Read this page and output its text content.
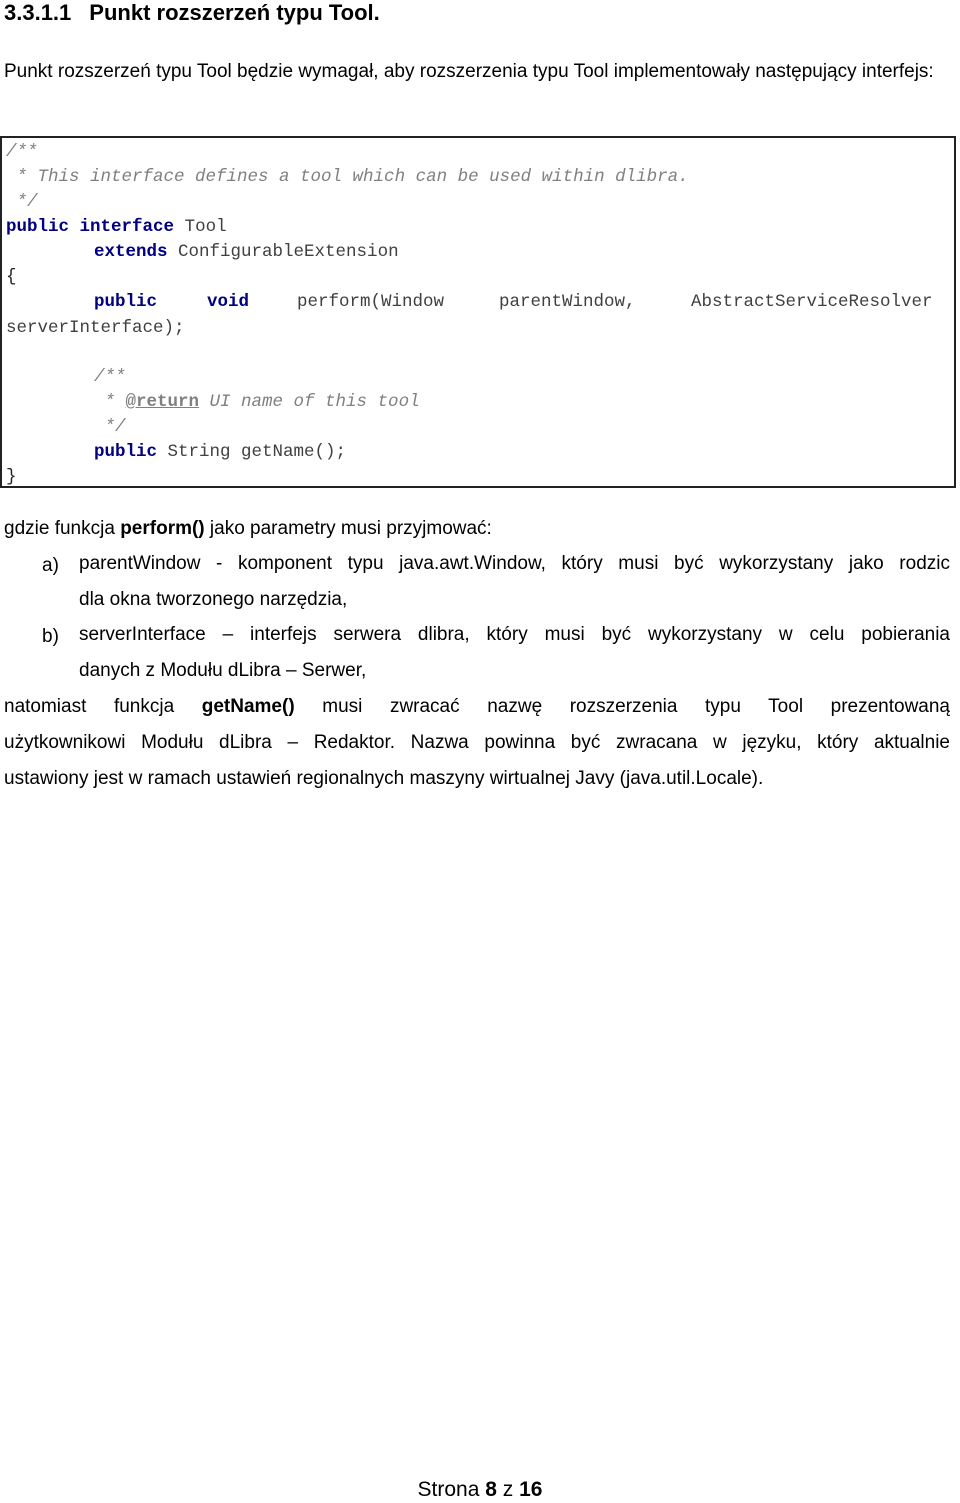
3.3.1.1 Punkt rozszerzeń typu Tool.
Punkt rozszerzeń typu Tool będzie wymagał, aby rozszerzenia typu Tool implementowały następujący interfejs:
/**
* This interface defines a tool which can be used within dlibra.
*/
public interface Tool
extends ConfigurableExtension
{
public	void	perform(Window	parentWindow,	AbstractServiceResolver
serverInterface);
/**
* @return UI name of this tool
*/
public String getName();
}
gdzie funkcja perform() jako parametry musi przyjmować:
a) parentWindow - komponent typu java.awt.Window, który musi być wykorzystany jako rodzic
dla okna tworzonego narzędzia,
b) serverInterface – interfejs serwera dlibra, który musi być wykorzystany w celu pobierania
danych z Modułu dLibra – Serwer,
natomiast funkcja getName() musi zwracać nazwę rozszerzenia typu Tool prezentowaną
użytkownikowi Modułu dLibra – Redaktor. Nazwa powinna być zwracana w języku, który aktualnie
ustawiony jest w ramach ustawień regionalnych maszyny wirtualnej Javy (java.util.Locale).
Strona 8 z 16
